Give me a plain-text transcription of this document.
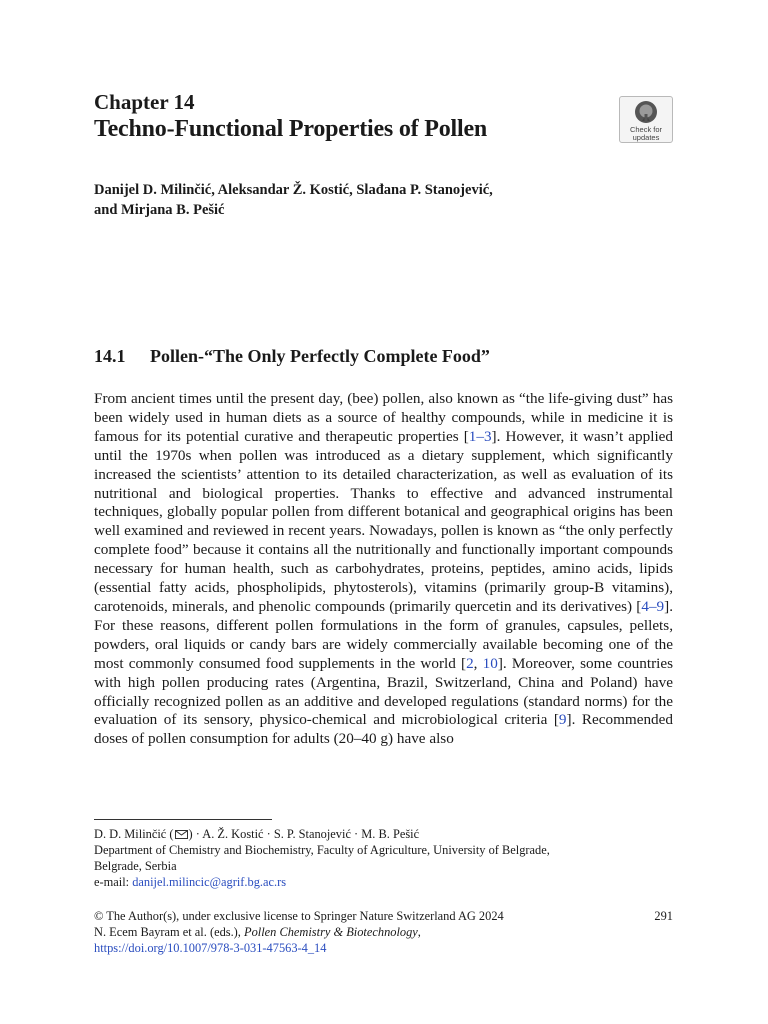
Chapter 14
Techno-Functional Properties of Pollen	Check for
updates
Danijel D. Milinčić, Aleksandar Ž. Kostić, Slađana P. Stanojević,
and Mirjana B. Pešić
14.1 Pollen-“The Only Perfectly Complete Food”

From ancient times until the present day, (bee) pollen, also known as “the life-giving dust” has been widely used in human diets as a source of healthy compounds, while in medicine it is famous for its potential curative and therapeutic properties [1–3]. However, it wasn’t applied until the 1970s when pollen was introduced as a dietary supplement, which significantly increased the scientists’ attention to its detailed characterization, as well as evaluation of its nutritional and biological properties. Thanks to effective and advanced instrumental techniques, globally popular pollen from different botanical and geographical origins has been well examined and reviewed in recent years. Nowadays, pollen is known as “the only perfectly complete food” because it contains all the nutritionally and functionally important compounds necessary for human health, such as carbohydrates, proteins, peptides, amino acids, lipids (essential fatty acids, phospholipids, phytosterols), vitamins (primarily group-B vitamins), carotenoids, minerals, and phenolic compounds (primarily quercetin and its derivatives) [4–9]. For these reasons, different pollen formulations in the form of granules, capsules, pellets, powders, oral liquids or candy bars are widely commercially available becoming one of the most commonly consumed food supplements in the world [2, 10]. Moreover, some countries with high pollen producing rates (Argentina, Brazil, Switzerland, China and Poland) have officially recognized pollen as an additive and developed regulations (standard norms) for the evaluation of its sensory, physico-chemical and microbiological criteria [9]. Recommended doses of pollen consumption for adults (20–40 g) have also

D. D. Milinčić ( ) · A. Ž. Kostić · S. P. Stanojević · M. B. Pešić
Department of Chemistry and Biochemistry, Faculty of Agriculture, University of Belgrade,
Belgrade, Serbia
e-mail: danijel.milincic@agrif.bg.ac.rs
© The Author(s), under exclusive license to Springer Nature Switzerland AG 2024	291
N. Ecem Bayram et al. (eds.), Pollen Chemistry & Biotechnology,
https://doi.org/10.1007/978-3-031-47563-4_14
